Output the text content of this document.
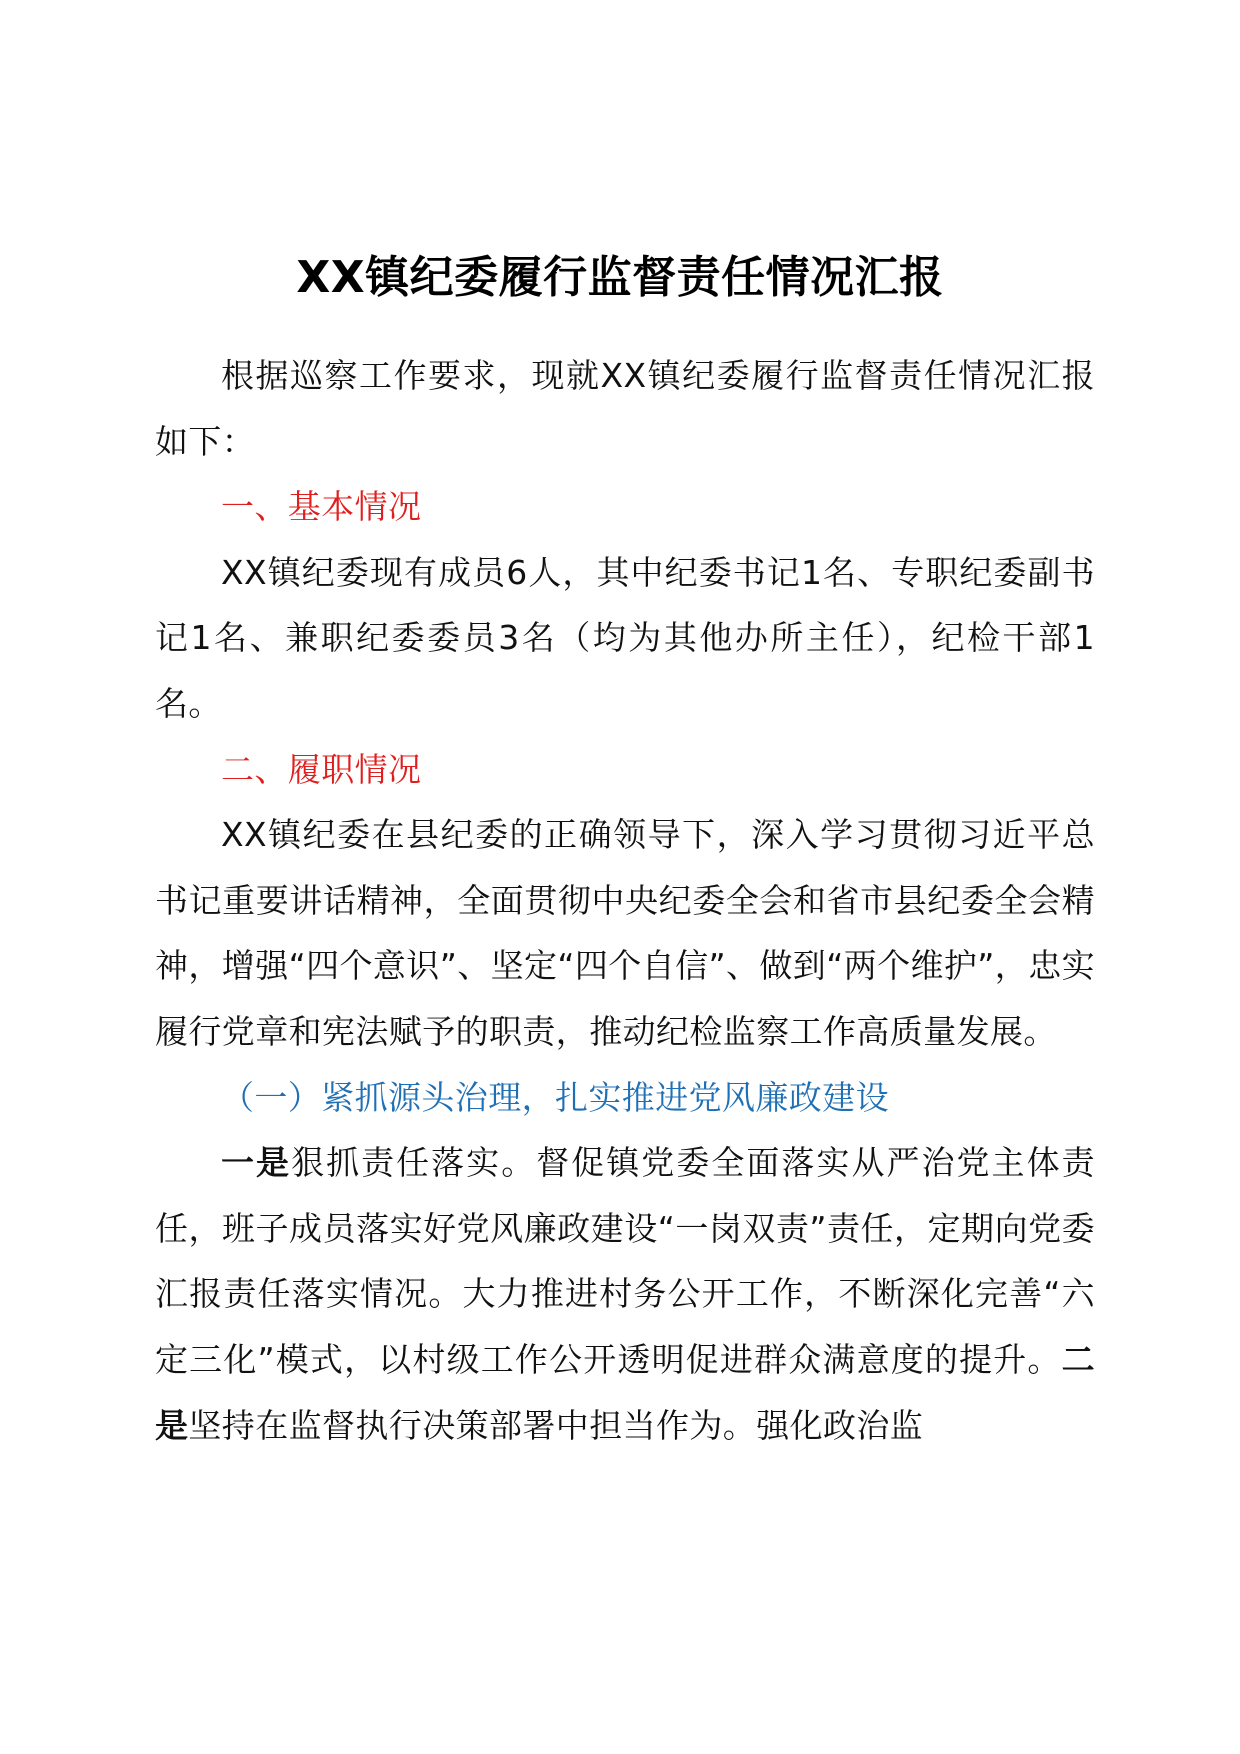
XX镇纪委履行监督责任情况汇报

根据巡察工作要求，现就XX镇纪委履行监督责任情况汇报如下：

一、基本情况

XX镇纪委现有成员6人，其中纪委书记1名、专职纪委副书记1名、兼职纪委委员3名（均为其他办所主任），纪检干部1名。

二、履职情况

XX镇纪委在县纪委的正确领导下，深入学习贯彻习近平总书记重要讲话精神，全面贯彻中央纪委全会和省市县纪委全会精神，增强“四个意识”、坚定“四个自信”、做到“两个维护”，忠实履行党章和宪法赋予的职责，推动纪检监察工作高质量发展。

（一）紧抓源头治理，扎实推进党风廉政建设

一是狠抓责任落实。督促镇党委全面落实从严治党主体责任，班子成员落实好党风廉政建设“一岗双责”责任，定期向党委汇报责任落实情况。大力推进村务公开工作，不断深化完善“六定三化”模式，以村级工作公开透明促进群众满意度的提升。二是坚持在监督执行决策部署中担当作为。强化政治监
